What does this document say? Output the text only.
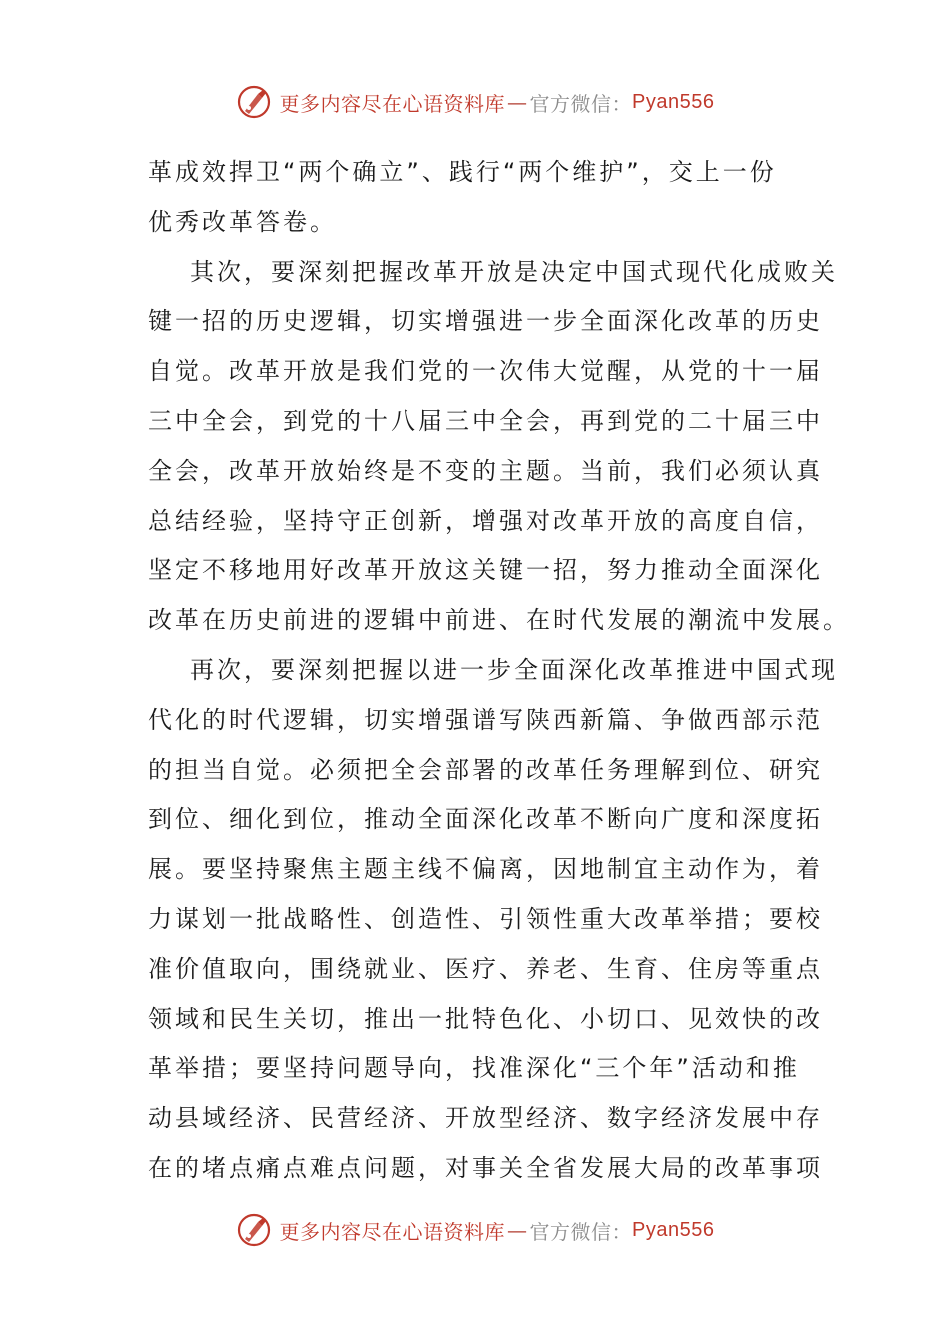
更多内容尽在心语资料库 — 官方微信： Pyan556
革成效捍卫“两个确立”、践行“两个维护”，交上一份
优秀改革答卷。
其次，要深刻把握改革开放是决定中国式现代化成败关
键一招的历史逻辑，切实增强进一步全面深化改革的历史
自觉。改革开放是我们党的一次伟大觉醒，从党的十一届
三中全会，到党的十八届三中全会，再到党的二十届三中
全会，改革开放始终是不变的主题。当前，我们必须认真
总结经验，坚持守正创新，增强对改革开放的高度自信，
坚定不移地用好改革开放这关键一招，努力推动全面深化
改革在历史前进的逻辑中前进、在时代发展的潮流中发展。
再次，要深刻把握以进一步全面深化改革推进中国式现
代化的时代逻辑，切实增强谱写陕西新篇、争做西部示范
的担当自觉。必须把全会部署的改革任务理解到位、研究
到位、细化到位，推动全面深化改革不断向广度和深度拓
展。要坚持聚焦主题主线不偏离，因地制宜主动作为，着
力谋划一批战略性、创造性、引领性重大改革举措；要校
准价值取向，围绕就业、医疗、养老、生育、住房等重点
领域和民生关切，推出一批特色化、小切口、见效快的改
革举措；要坚持问题导向，找准深化“三个年”活动和推
动县域经济、民营经济、开放型经济、数字经济发展中存
在的堵点痛点难点问题，对事关全省发展大局的改革事项
更多内容尽在心语资料库 — 官方微信： Pyan556
